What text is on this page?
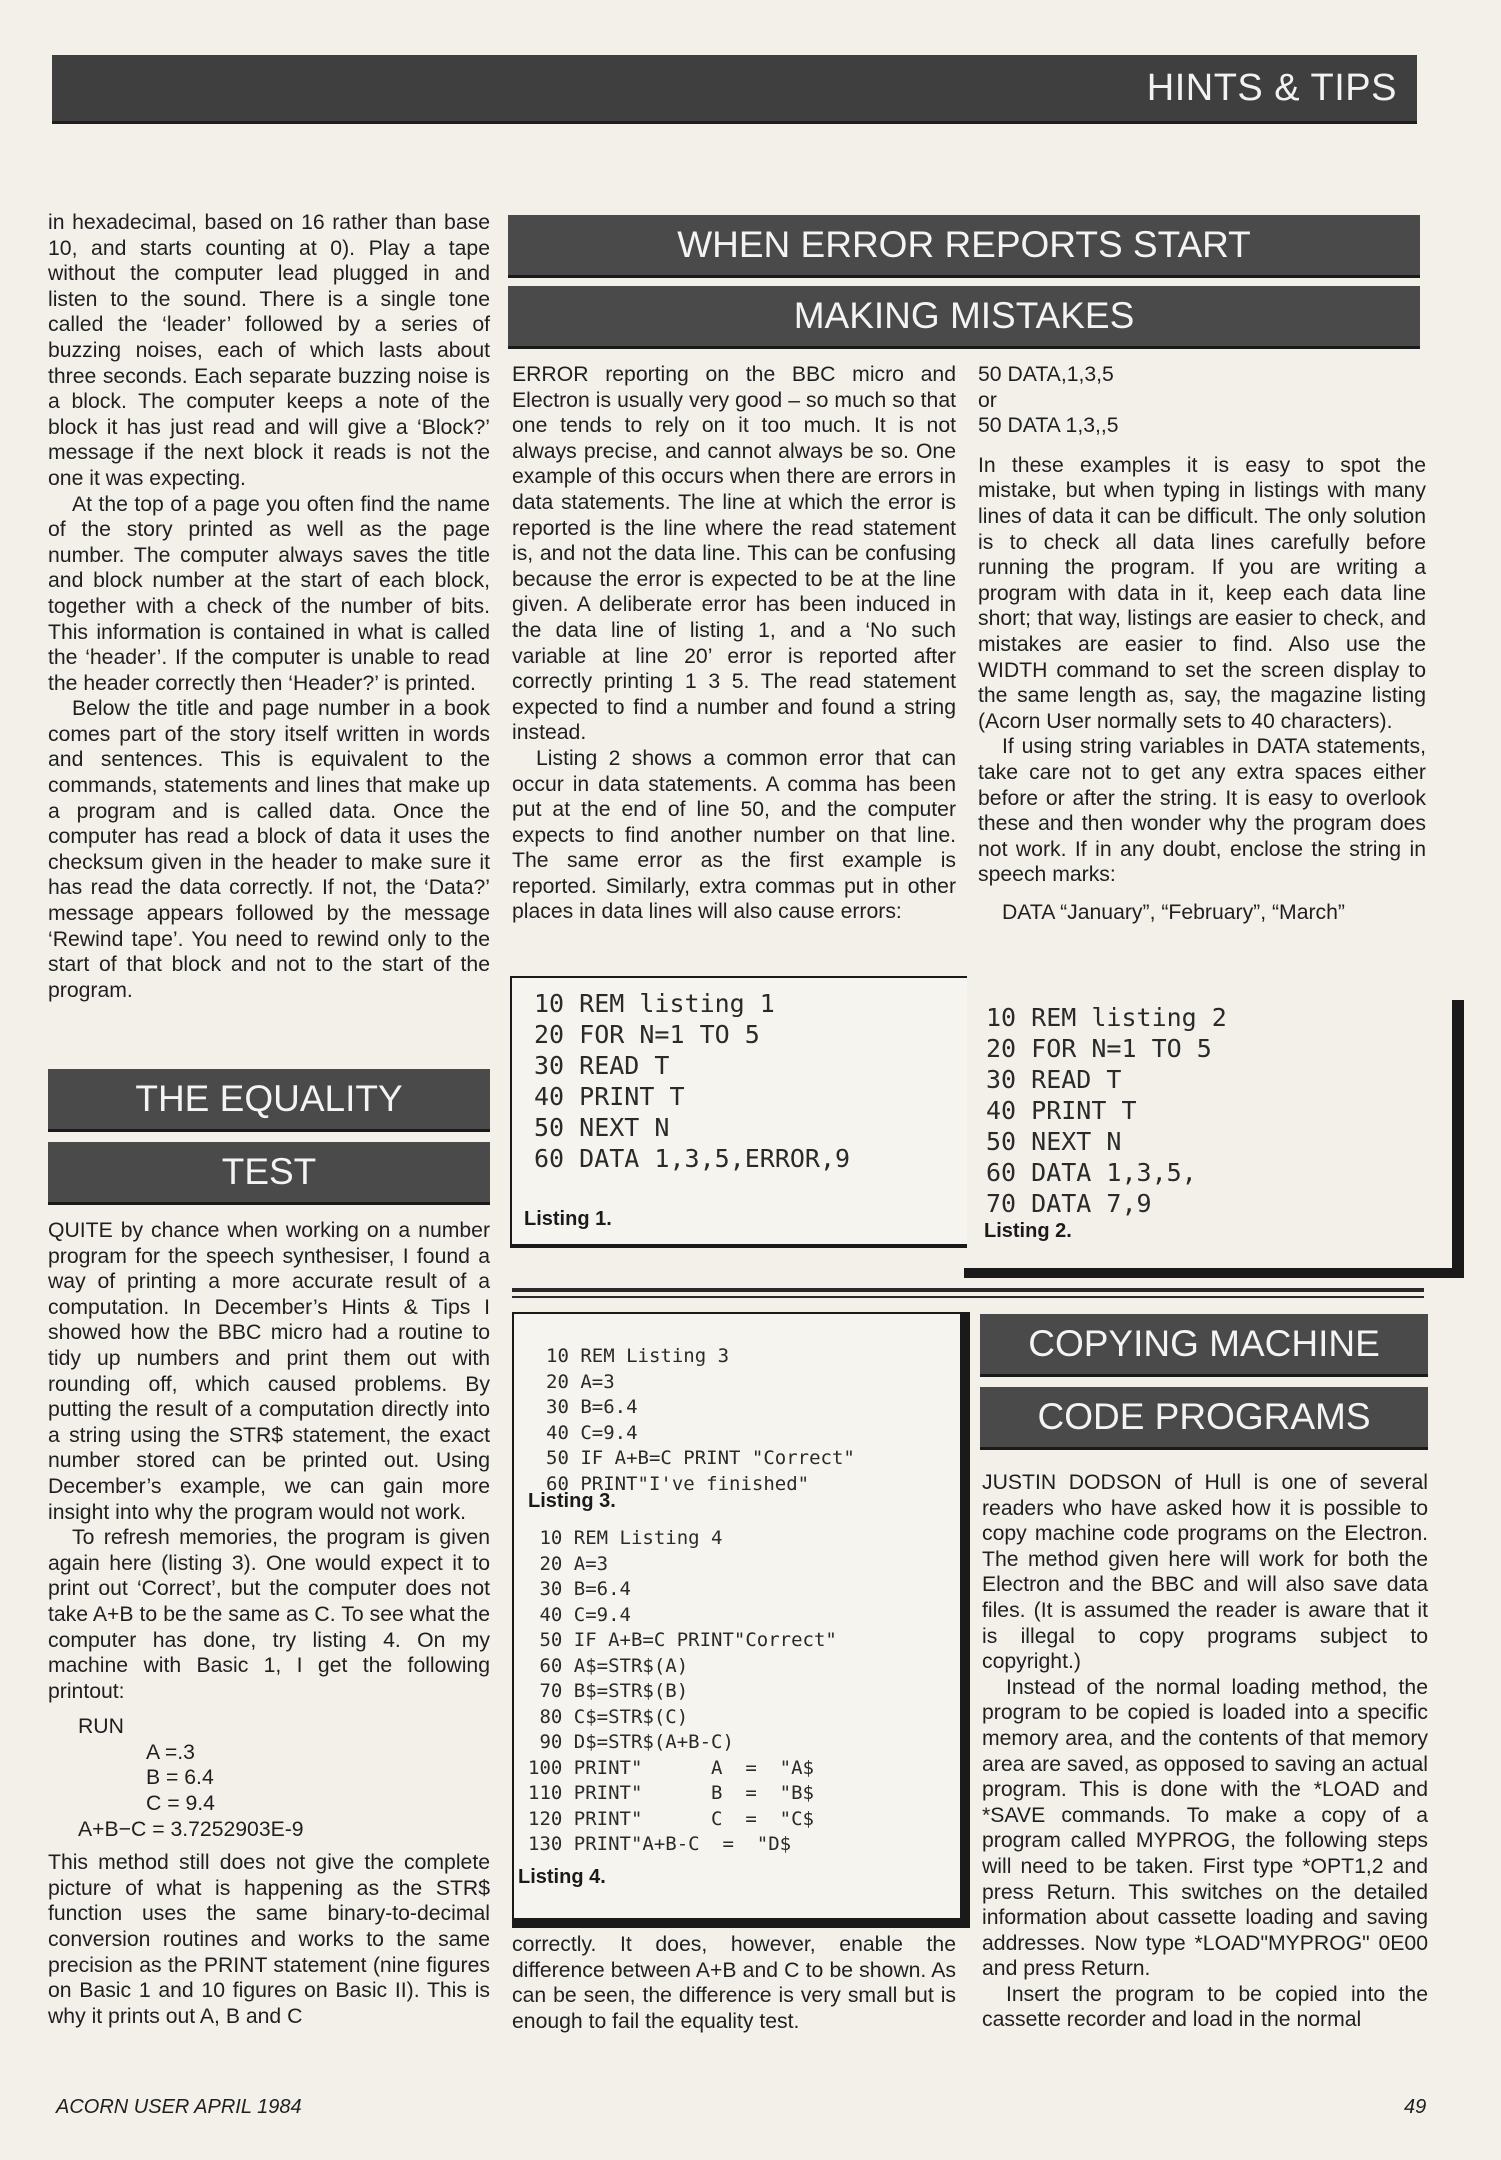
HINTS & TIPS

in hexadecimal, based on 16 rather than base 10, and starts counting at 0). Play a tape without the computer lead plugged in and listen to the sound. There is a single tone called the ‘leader’ followed by a series of buzzing noises, each of which lasts about three seconds. Each separate buzzing noise is a block. The computer keeps a note of the block it has just read and will give a ‘Block?’ message if the next block it reads is not the one it was expecting.

At the top of a page you often find the name of the story printed as well as the page number. The computer always saves the title and block number at the start of each block, together with a check of the number of bits. This information is contained in what is called the ‘header’. If the computer is unable to read the header correctly then ‘Header?’ is printed.

Below the title and page number in a book comes part of the story itself written in words and sentences. This is equivalent to the commands, statements and lines that make up a program and is called data. Once the computer has read a block of data it uses the checksum given in the header to make sure it has read the data correctly. If not, the ‘Data?’ message appears followed by the message ‘Rewind tape’. You need to rewind only to the start of that block and not to the start of the program.

THE EQUALITY
TEST

QUITE by chance when working on a number program for the speech synthesiser, I found a way of printing a more accurate result of a computation. In December’s Hints & Tips I showed how the BBC micro had a routine to tidy up numbers and print them out with rounding off, which caused problems. By putting the result of a computation directly into a string using the STR$ statement, the exact number stored can be printed out. Using December’s example, we can gain more insight into why the program would not work.

To refresh memories, the program is given again here (listing 3). One would expect it to print out ‘Correct’, but the computer does not take A+B to be the same as C. To see what the computer has done, try listing 4. On my machine with Basic 1, I get the following printout:

RUN
A =.3
B = 6.4
C = 9.4
A+B−C = 3.7252903E-9

This method still does not give the complete picture of what is happening as the STR$ function uses the same binary-to-decimal conversion routines and works to the same precision as the PRINT statement (nine figures on Basic 1 and 10 figures on Basic II). This is why it prints out A, B and C

WHEN ERROR REPORTS START
MAKING MISTAKES

ERROR reporting on the BBC micro and Electron is usually very good – so much so that one tends to rely on it too much. It is not always precise, and cannot always be so. One example of this occurs when there are errors in data statements. The line at which the error is reported is the line where the read statement is, and not the data line. This can be confusing because the error is expected to be at the line given. A deliberate error has been induced in the data line of listing 1, and a ‘No such variable at line 20’ error is reported after correctly printing 1 3 5. The read statement expected to find a number and found a string instead.

Listing 2 shows a common error that can occur in data statements. A comma has been put at the end of line 50, and the computer expects to find another number on that line. The same error as the first example is reported. Similarly, extra commas put in other places in data lines will also cause errors:

50 DATA,1,3,5

or

50 DATA 1,3,,5

In these examples it is easy to spot the mistake, but when typing in listings with many lines of data it can be difficult. The only solution is to check all data lines carefully before running the program. If you are writing a program with data in it, keep each data line short; that way, listings are easier to check, and mistakes are easier to find. Also use the WIDTH command to set the screen display to the same length as, say, the magazine listing (Acorn User normally sets to 40 characters).

If using string variables in DATA statements, take care not to get any extra spaces either before or after the string. It is easy to overlook these and then wonder why the program does not work. If in any doubt, enclose the string in speech marks:

DATA “January”, “February”, “March”

10 REM listing 1
20 FOR N=1 TO 5
30 READ T
40 PRINT T
50 NEXT N
60 DATA 1,3,5,ERROR,9
Listing 1.
10 REM listing 2
20 FOR N=1 TO 5
30 READ T
40 PRINT T
50 NEXT N
60 DATA 1,3,5,
70 DATA 7,9
Listing 2.
10 REM Listing 3
20 A=3
30 B=6.4
40 C=9.4
50 IF A+B=C PRINT "Correct"
60 PRINT"I've finished"
Listing 3.
10 REM Listing 4
20 A=3
30 B=6.4
40 C=9.4
50 IF A+B=C PRINT"Correct"
60 A$=STR$(A)
70 B$=STR$(B)
80 C$=STR$(C)
90 D$=STR$(A+B-C)
100 PRINT"      A  =  "A$
110 PRINT"      B  =  "B$
120 PRINT"      C  =  "C$
130 PRINT"A+B-C  =  "D$
Listing 4.

correctly. It does, however, enable the difference between A+B and C to be shown. As can be seen, the difference is very small but is enough to fail the equality test.

COPYING MACHINE
CODE PROGRAMS

JUSTIN DODSON of Hull is one of several readers who have asked how it is possible to copy machine code programs on the Electron. The method given here will work for both the Electron and the BBC and will also save data files. (It is assumed the reader is aware that it is illegal to copy programs subject to copyright.)

Instead of the normal loading method, the program to be copied is loaded into a specific memory area, and the contents of that memory area are saved, as opposed to saving an actual program. This is done with the *LOAD and *SAVE commands. To make a copy of a program called MYPROG, the following steps will need to be taken. First type *OPT1,2 and press Return. This switches on the detailed information about cassette loading and saving addresses. Now type *LOAD"MYPROG" 0E00 and press Return.

Insert the program to be copied into the cassette recorder and load in the normal

ACORN USER APRIL 1984	49
